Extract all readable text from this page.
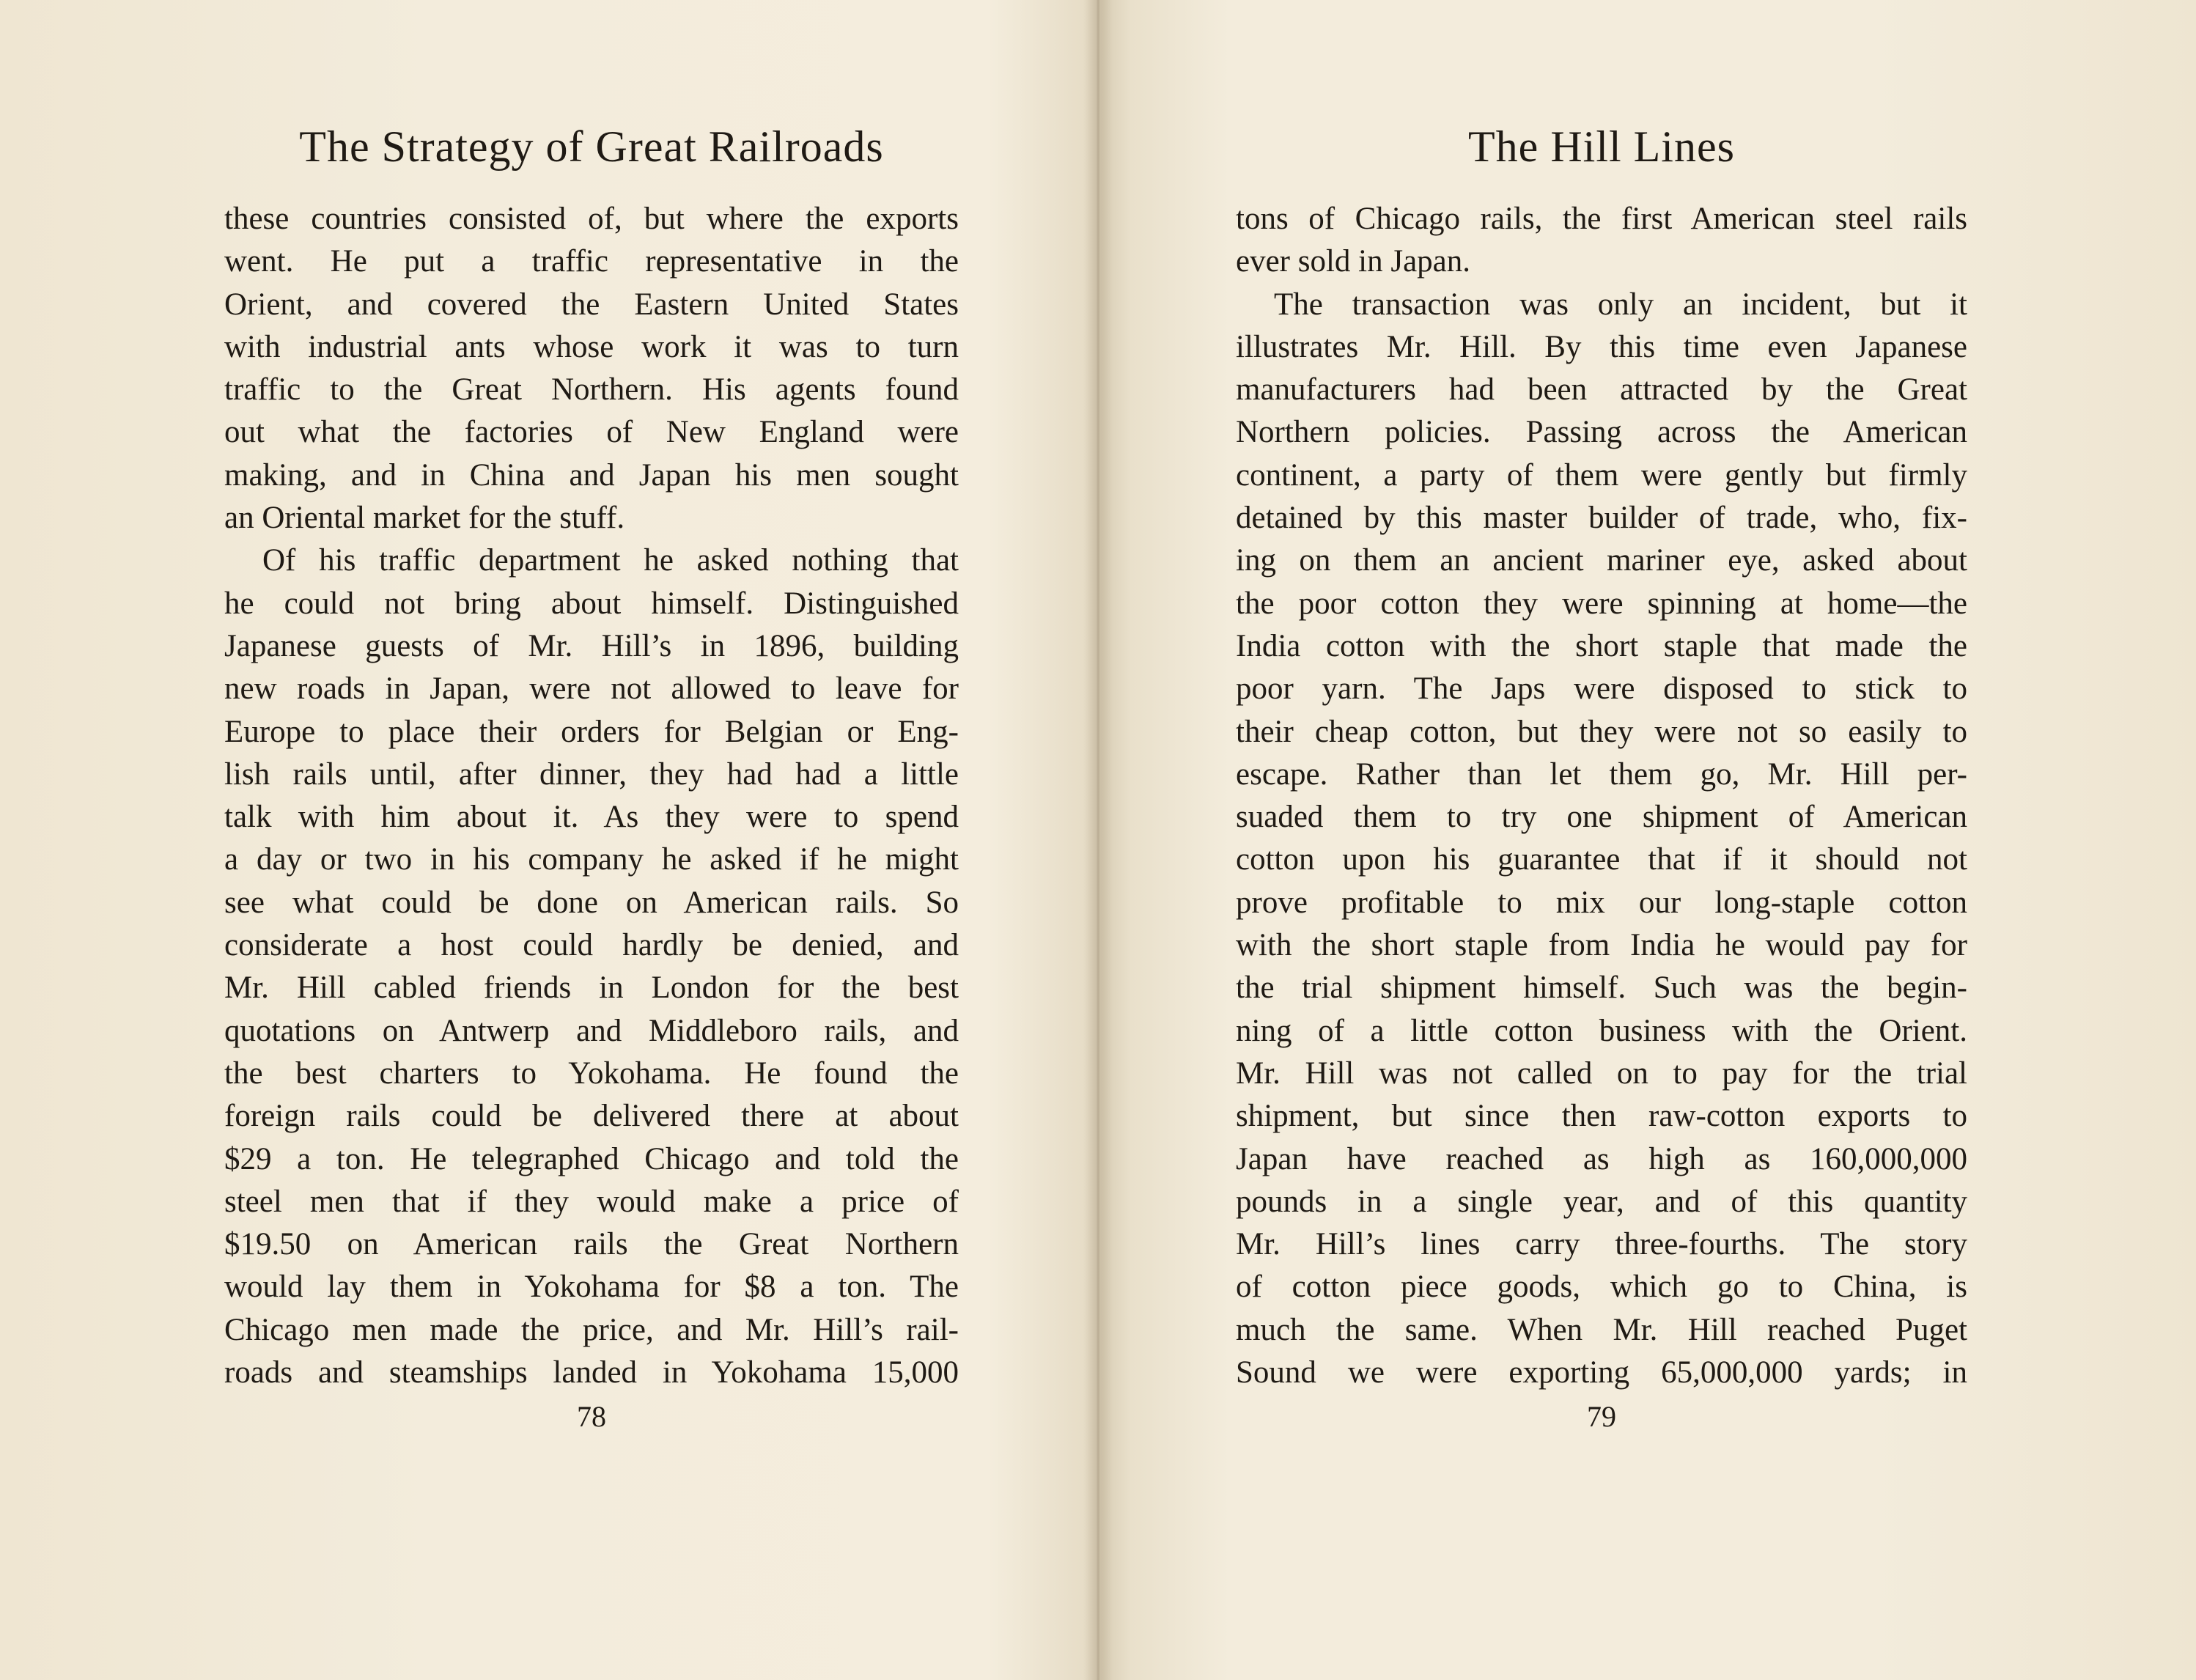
The Strategy of Great Railroads
these countries consisted of, but where the exports
went. He put a traffic representative in the
Orient, and covered the Eastern United States
with industrial ants whose work it was to turn
traffic to the Great Northern. His agents found
out what the factories of New England were
making, and in China and Japan his men sought
an Oriental market for the stuff.
Of his traffic department he asked nothing that
he could not bring about himself. Distinguished
Japanese guests of Mr. Hill’s in 1896, building
new roads in Japan, were not allowed to leave for
Europe to place their orders for Belgian or Eng-
lish rails until, after dinner, they had had a little
talk with him about it. As they were to spend
a day or two in his company he asked if he might
see what could be done on American rails. So
considerate a host could hardly be denied, and
Mr. Hill cabled friends in London for the best
quotations on Antwerp and Middleboro rails, and
the best charters to Yokohama. He found the
foreign rails could be delivered there at about
$29 a ton. He telegraphed Chicago and told the
steel men that if they would make a price of
$19.50 on American rails the Great Northern
would lay them in Yokohama for $8 a ton. The
Chicago men made the price, and Mr. Hill’s rail-
roads and steamships landed in Yokohama 15,000
78
The Hill Lines
tons of Chicago rails, the first American steel rails
ever sold in Japan.
The transaction was only an incident, but it
illustrates Mr. Hill. By this time even Japanese
manufacturers had been attracted by the Great
Northern policies. Passing across the American
continent, a party of them were gently but firmly
detained by this master builder of trade, who, fix-
ing on them an ancient mariner eye, asked about
the poor cotton they were spinning at home—the
India cotton with the short staple that made the
poor yarn. The Japs were disposed to stick to
their cheap cotton, but they were not so easily to
escape. Rather than let them go, Mr. Hill per-
suaded them to try one shipment of American
cotton upon his guarantee that if it should not
prove profitable to mix our long-staple cotton
with the short staple from India he would pay for
the trial shipment himself. Such was the begin-
ning of a little cotton business with the Orient.
Mr. Hill was not called on to pay for the trial
shipment, but since then raw-cotton exports to
Japan have reached as high as 160,000,000
pounds in a single year, and of this quantity
Mr. Hill’s lines carry three-fourths. The story
of cotton piece goods, which go to China, is
much the same. When Mr. Hill reached Puget
Sound we were exporting 65,000,000 yards; in
79
